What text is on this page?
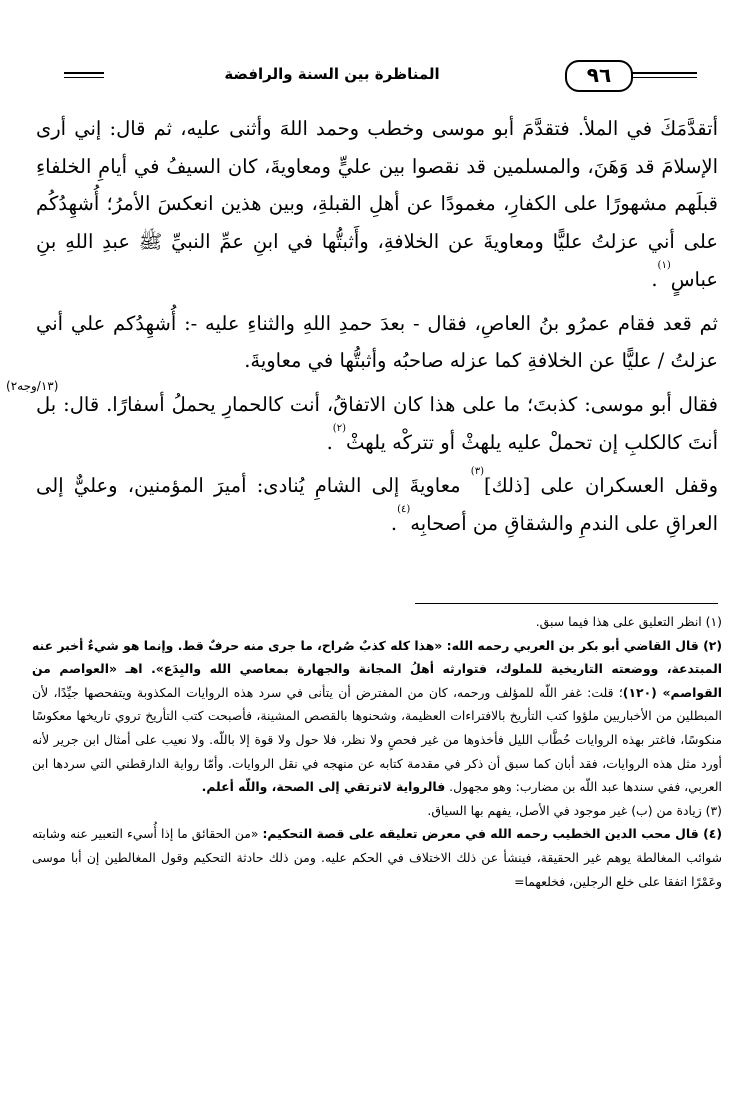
٩٦
المناظرة بين السنة والرافضة

أتقدَّمَكَ في الملأ. فتقدَّمَ أبو موسى وخطب وحمد اللهَ وأثنى عليه، ثم قال: إني أرى الإسلامَ قد وَهَنَ، والمسلمين قد نقصوا بين عليٍّ ومعاويةَ، كان السيفُ في أيامِ الخلفاءِ قبلَهم مشهورًا على الكفارِ، مغمودًا عن أهلِ القبلةِ، وبين هذين انعكسَ الأمرُ؛ أُشهِدُكُم على أني عزلتُ عليًّا ومعاويةَ عن الخلافةِ، وأَثبتُّها في ابنِ عمِّ النبيِّ ﷺ عبدِ اللهِ بنِ عباسٍ$^{(١)}$.

ثم قعد فقام عمرُو بنُ العاصِ، فقال - بعدَ حمدِ اللهِ والثناءِ عليه -: أُشهِدُكم علي أني عزلتُ / عليًّا عن الخلافةِ كما عزله صاحبُه وأثبتُّها في معاويةَ.

فقال أبو موسى: كذبتَ؛ ما على هذا كان الاتفاقُ، أنت كالحمارِ يحملُ أسفارًا. قال: بل أنتَ كالكلبِ إن تحملْ عليه يلهثْ أو تتركْه يلهثْ$^{(٢)}$.

وقفل العسكران على [ذلك]$^{(٣)}$ معاويةَ إلى الشامِ يُنادى: أميرَ المؤمنين، وعليٌّ إلى العراقِ على الندمِ والشقاقِ من أصحابِه$^{(٤)}$.

(١٣/وجه٢)

(١) انظر التعليق على هذا فيما سبق.

(٢) قال القاضي أبو بكر بن العربي رحمه الله: «هذا كله كذبٌ صُراح، ما جرى منه حرفٌ قط. وإنما هو شيءٌ أخبر عنه المبتدعة، ووضعته التاريخية للملوك، فتوارثه أهلُ المجانة والجهارة بمعاصي الله والبِدَع». اهـ «العواصم من القواصم» (١٢٠)؛ قلت: غفر اللّه للمؤلف ورحمه، كان من المفترض أن يتأنى في سرد هذه الروايات المكذوبة ويتفحصها جيِّدًا، لأن المبطلين من الأخباريين ملؤوا كتب التأريخ بالافتراءات العظيمة، وشحنوها بالقصص المشينة، فأصبحت كتب التأريخ تروي تاريخها معكوسًا منكوسًا، فاغتر بهذه الروايات حُطَّاب الليل فأخذوها من غير فحصٍ ولا نظر، فلا حول ولا قوة إلا باللّه. ولا نعيب على أمثال ابن جرير لأنه أورد مثل هذه الروايات، فقد أبان كما سبق أن ذكر في مقدمة كتابه عن منهجه في نقل الروايات. وأمّا رواية الدارقطني التي سردها ابن العربي، ففي سندها عبد اللّه بن مضارب: وهو مجهول. فالرواية لاترتقي إلى الصحة، واللّه أعلم.

(٣) زيادة من (ب) غير موجود في الأصل، يفهم بها السياق.

(٤) قال محب الدين الخطيب رحمه الله في معرض تعليقه على قصة التحكيم: «من الحقائق ما إذا أُسيء التعبير عنه وشابته شوائب المغالطة يوهم غير الحقيقة، فينشأ عن ذلك الاختلاف في الحكم عليه. ومن ذلك حادثة التحكيم وقول المغالطين إن أبا موسى وعَمْرًا اتفقا على خلع الرجلين، فخلعهما=
